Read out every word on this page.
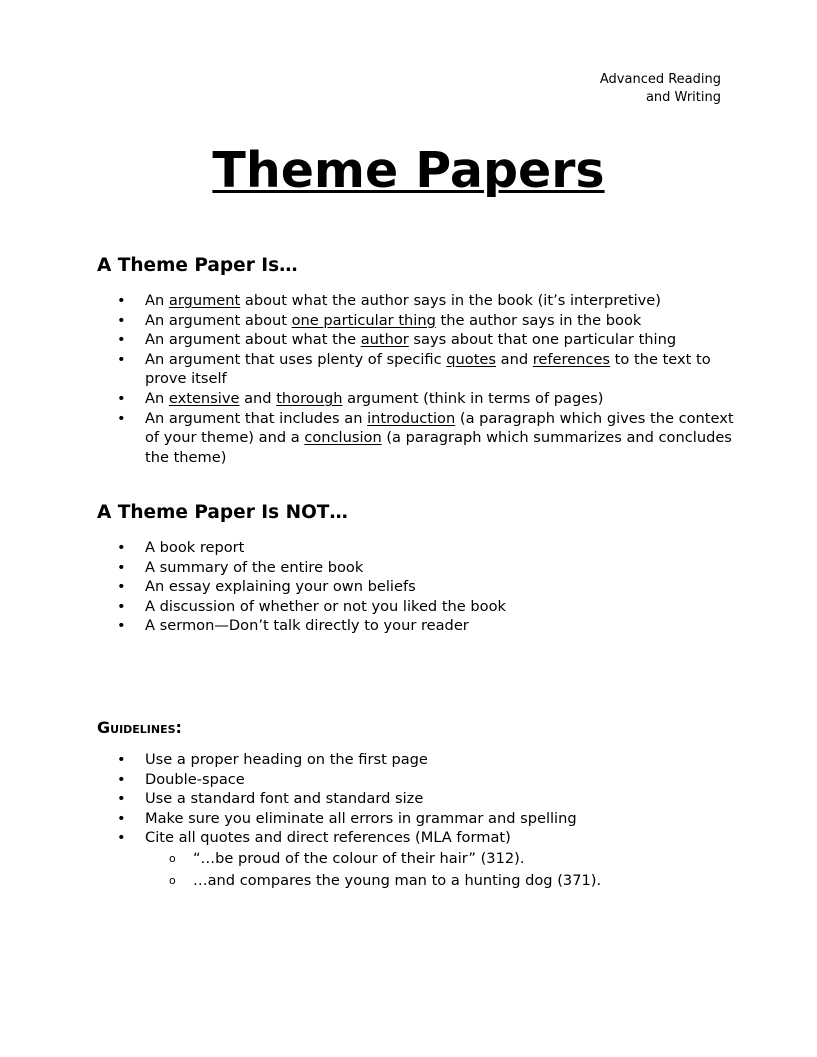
Advanced Reading
and Writing
Theme Papers
A Theme Paper Is…
• An argument about what the author says in the book (it’s interpretive)
• An argument about one particular thing the author says in the book
• An argument about what the author says about that one particular thing
• An argument that uses plenty of specific quotes and references to the text to prove itself
• An extensive and thorough argument (think in terms of pages)
• An argument that includes an introduction (a paragraph which gives the context of your theme) and a conclusion (a paragraph which summarizes and concludes the theme)
A Theme Paper Is NOT…
• A book report
• A summary of the entire book
• An essay explaining your own beliefs
• A discussion of whether or not you liked the book
• A sermon—Don’t talk directly to your reader
Guidelines:
• Use a proper heading on the first page
• Double-space
• Use a standard font and standard size
• Make sure you eliminate all errors in grammar and spelling
• Cite all quotes and direct references (MLA format)
o “…be proud of the colour of their hair” (312).
o …and compares the young man to a hunting dog (371).
